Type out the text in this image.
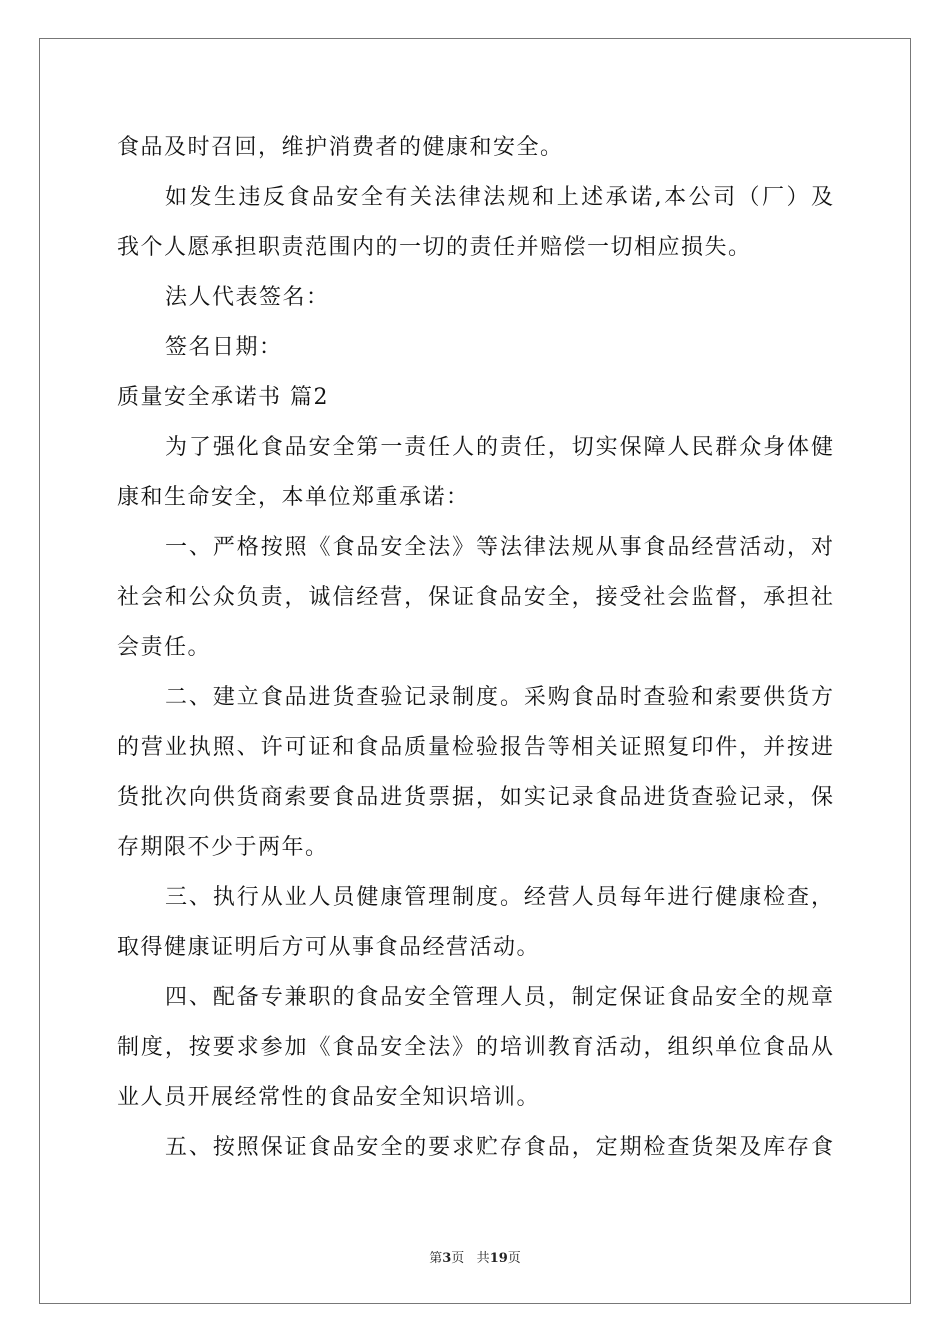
食品及时召回，维护消费者的健康和安全。
如发生违反食品安全有关法律法规和上述承诺,本公司（厂）及
我个人愿承担职责范围内的一切的责任并赔偿一切相应损失。
法人代表签名：
签名日期：
质量安全承诺书 篇2
为了强化食品安全第一责任人的责任，切实保障人民群众身体健
康和生命安全，本单位郑重承诺：
一、严格按照《食品安全法》等法律法规从事食品经营活动，对
社会和公众负责，诚信经营，保证食品安全，接受社会监督，承担社
会责任。
二、建立食品进货查验记录制度。采购食品时查验和索要供货方
的营业执照、许可证和食品质量检验报告等相关证照复印件，并按进
货批次向供货商索要食品进货票据，如实记录食品进货查验记录，保
存期限不少于两年。
三、执行从业人员健康管理制度。经营人员每年进行健康检查，
取得健康证明后方可从事食品经营活动。
四、配备专兼职的食品安全管理人员，制定保证食品安全的规章
制度，按要求参加《食品安全法》的培训教育活动，组织单位食品从
业人员开展经常性的食品安全知识培训。
五、按照保证食品安全的要求贮存食品，定期检查货架及库存食
第3页 共19页
